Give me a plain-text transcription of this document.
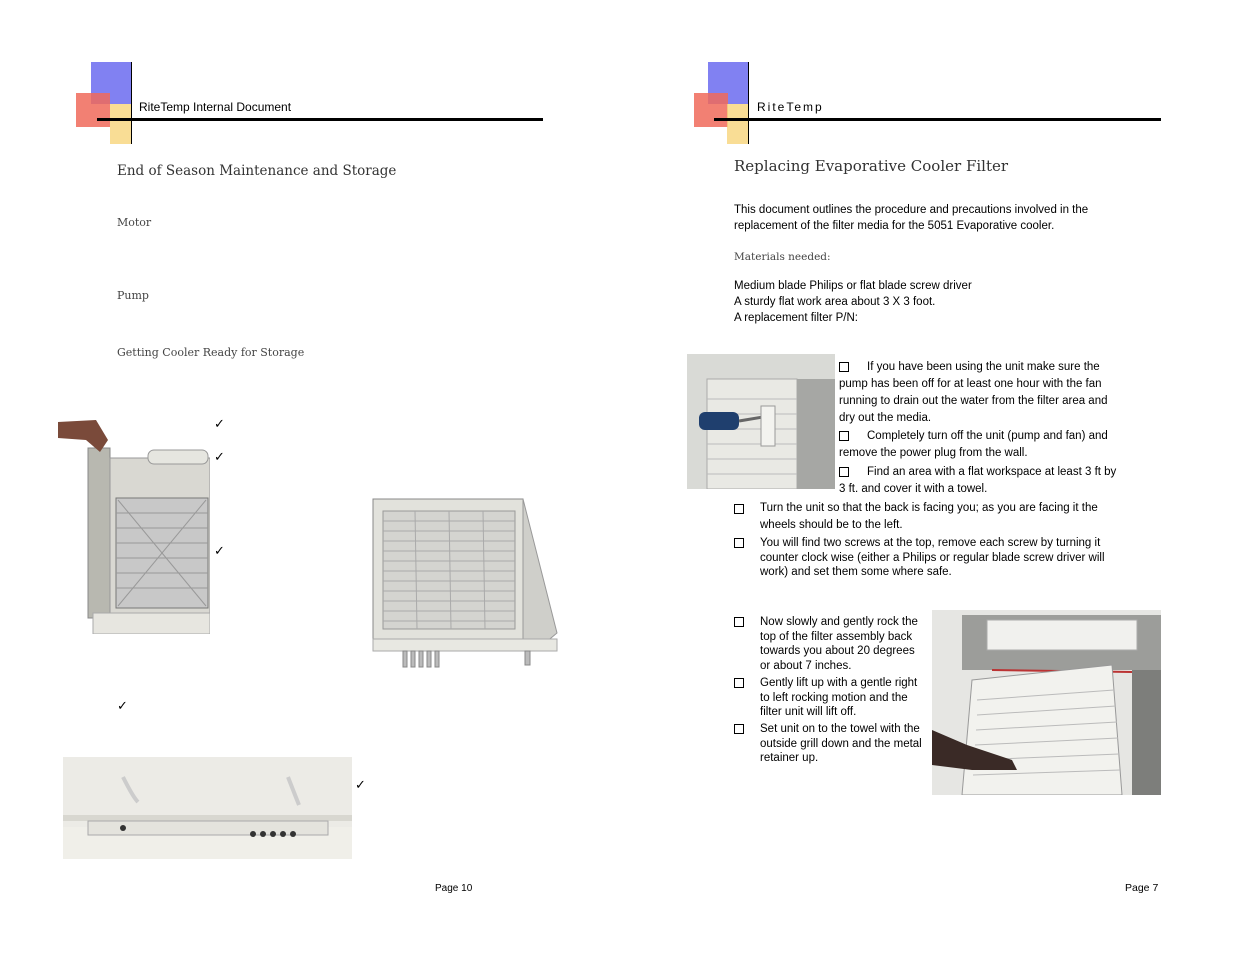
RiteTemp Internal Document
End of Season Maintenance and Storage
Motor
Pump
Getting Cooler Ready for Storage
✓
✓
✓
✓
✓
Page 10
RiteTemp
Replacing Evaporative Cooler Filter
This document outlines the procedure and precautions involved in the replacement of the filter media for the 5051 Evaporative cooler.
Materials needed:
Medium blade Philips or flat blade screw driver
A sturdy flat work area about 3 X 3 foot.
A replacement filter P/N:
If you have been using the unit make sure the pump has been off for at least one hour with the fan running to drain out the water from the filter area and dry out the media.
Completely turn off the unit (pump and fan) and remove the power plug from the wall.
Find an area with a flat workspace at least 3 ft by 3 ft. and cover it with a towel.
Turn the unit so that the back is facing you; as you are facing it the wheels should be to the left.
You will find two screws at the top, remove each screw by turning it counter clock wise (either a Philips or regular blade screw driver will work) and set them some where safe.
Now slowly and gently rock the top of the filter assembly back towards you about 20 degrees or about 7 inches.
Gently lift up with a gentle right to left rocking motion and the filter unit will lift off.
Set unit on to the towel with the outside grill down and the metal retainer up.
Page 7
